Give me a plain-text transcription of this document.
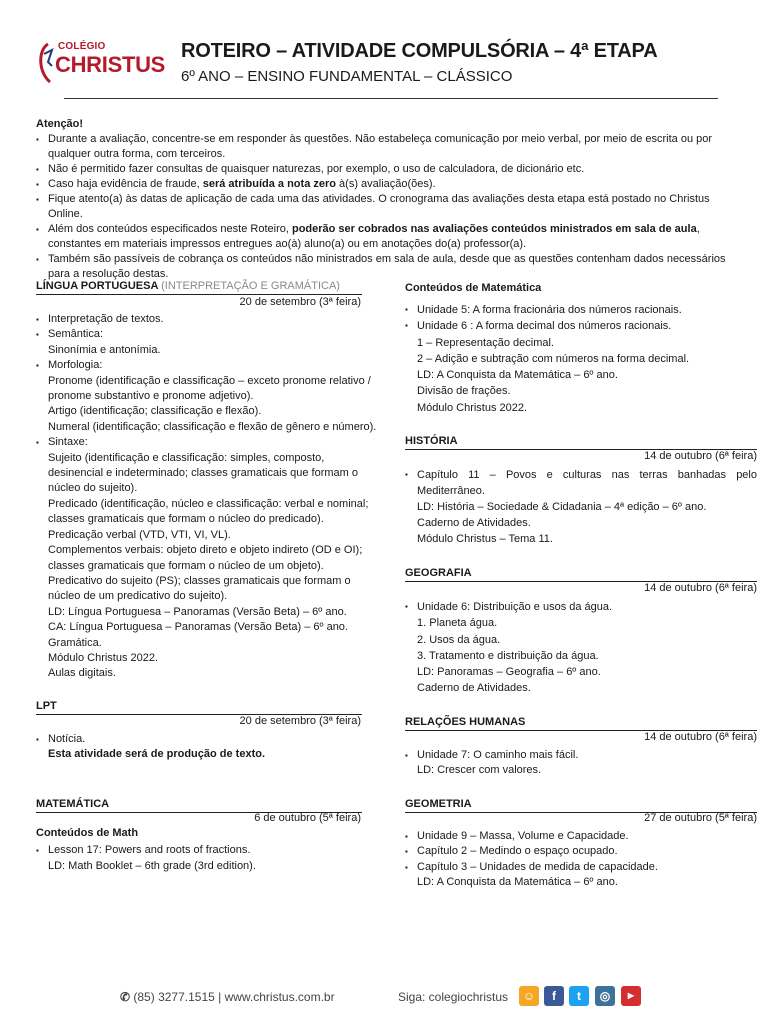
COLÉGIO
CHRISTUS
ROTEIRO – ATIVIDADE COMPULSÓRIA – 4ª ETAPA
6º ANO – ENSINO FUNDAMENTAL – CLÁSSICO
Atenção!
▪ Durante a avaliação, concentre-se em responder às questões. Não estabeleça comunicação por meio verbal, por meio de escrita ou por qualquer outra forma, com terceiros.
▪ Não é permitido fazer consultas de quaisquer naturezas, por exemplo, o uso de calculadora, de dicionário etc.
▪ Caso haja evidência de fraude, será atribuída a nota zero à(s) avaliação(ões).
▪ Fique atento(a) às datas de aplicação de cada uma das atividades. O cronograma das avaliações desta etapa está postado no Christus Online.
▪ Além dos conteúdos especificados neste Roteiro, poderão ser cobrados nas avaliações conteúdos ministrados em sala de aula, constantes em materiais impressos entregues ao(à) aluno(a) ou em anotações do(a) professor(a).
▪ Também são passíveis de cobrança os conteúdos não ministrados em sala de aula, desde que as questões contenham dados necessários para a resolução destas.
LÍNGUA PORTUGUESA (INTERPRETAÇÃO E GRAMÁTICA)
20 de setembro (3ª feira)
▪ Interpretação de textos.
▪ Semântica:
Sinonímia e antonímia.
▪ Morfologia:
Pronome (identificação e classificação – exceto pronome relativo / pronome substantivo e pronome adjetivo).
Artigo (identificação; classificação e flexão).
Numeral (identificação; classificação e flexão de gênero e número).
▪ Sintaxe:
Sujeito (identificação e classificação: simples, composto, desinencial e indeterminado; classes gramaticais que formam o núcleo do sujeito).
Predicado (identificação, núcleo e classificação: verbal e nominal; classes gramaticais que formam o núcleo do predicado).
Predicação verbal (VTD, VTI, VI, VL).
Complementos verbais: objeto direto e objeto indireto (OD e OI); classes gramaticais que formam o núcleo de um objeto).
Predicativo do sujeito (PS); classes gramaticais que formam o núcleo de um predicativo do sujeito).
LD: Língua Portuguesa – Panoramas (Versão Beta) – 6º ano.
CA: Língua Portuguesa – Panoramas (Versão Beta) – 6º ano.
Gramática.
Módulo Christus 2022.
Aulas digitais.
LPT
20 de setembro (3ª feira)
▪ Notícia.
Esta atividade será de produção de texto.
MATEMÁTICA
6 de outubro (5ª feira)
Conteúdos de Math
▪ Lesson 17: Powers and roots of fractions.
LD: Math Booklet – 6th grade (3rd edition).
Conteúdos de Matemática
▪ Unidade 5: A forma fracionária dos números racionais.
▪ Unidade 6 : A forma decimal dos números racionais.
1 – Representação decimal.
2 – Adição e subtração com números na forma decimal.
LD: A Conquista da Matemática – 6º ano.
Divisão de frações.
Módulo Christus 2022.
HISTÓRIA
14 de outubro (6ª feira)
▪ Capítulo 11 – Povos e culturas nas terras banhadas pelo Mediterrâneo.
LD: História – Sociedade & Cidadania – 4ª edição – 6º ano.
Caderno de Atividades.
Módulo Christus – Tema 11.
GEOGRAFIA
14 de outubro (6ª feira)
▪ Unidade 6: Distribuição e usos da água.
1. Planeta água.
2. Usos da água.
3. Tratamento e distribuição da água.
LD: Panoramas – Geografia – 6º ano.
Caderno de Atividades.
RELAÇÕES HUMANAS
14 de outubro (6ª feira)
▪ Unidade 7: O caminho mais fácil.
LD: Crescer com valores.
GEOMETRIA
27 de outubro (5ª feira)
▪ Unidade 9 – Massa, Volume e Capacidade.
▪ Capítulo 2 – Medindo o espaço ocupado.
▪ Capítulo 3 – Unidades de medida de capacidade.
LD: A Conquista da Matemática – 6º ano.
✆ (85) 3277.1515 | www.christus.com.br	Siga: colegiochristus	☺	f	t	◎	▶
